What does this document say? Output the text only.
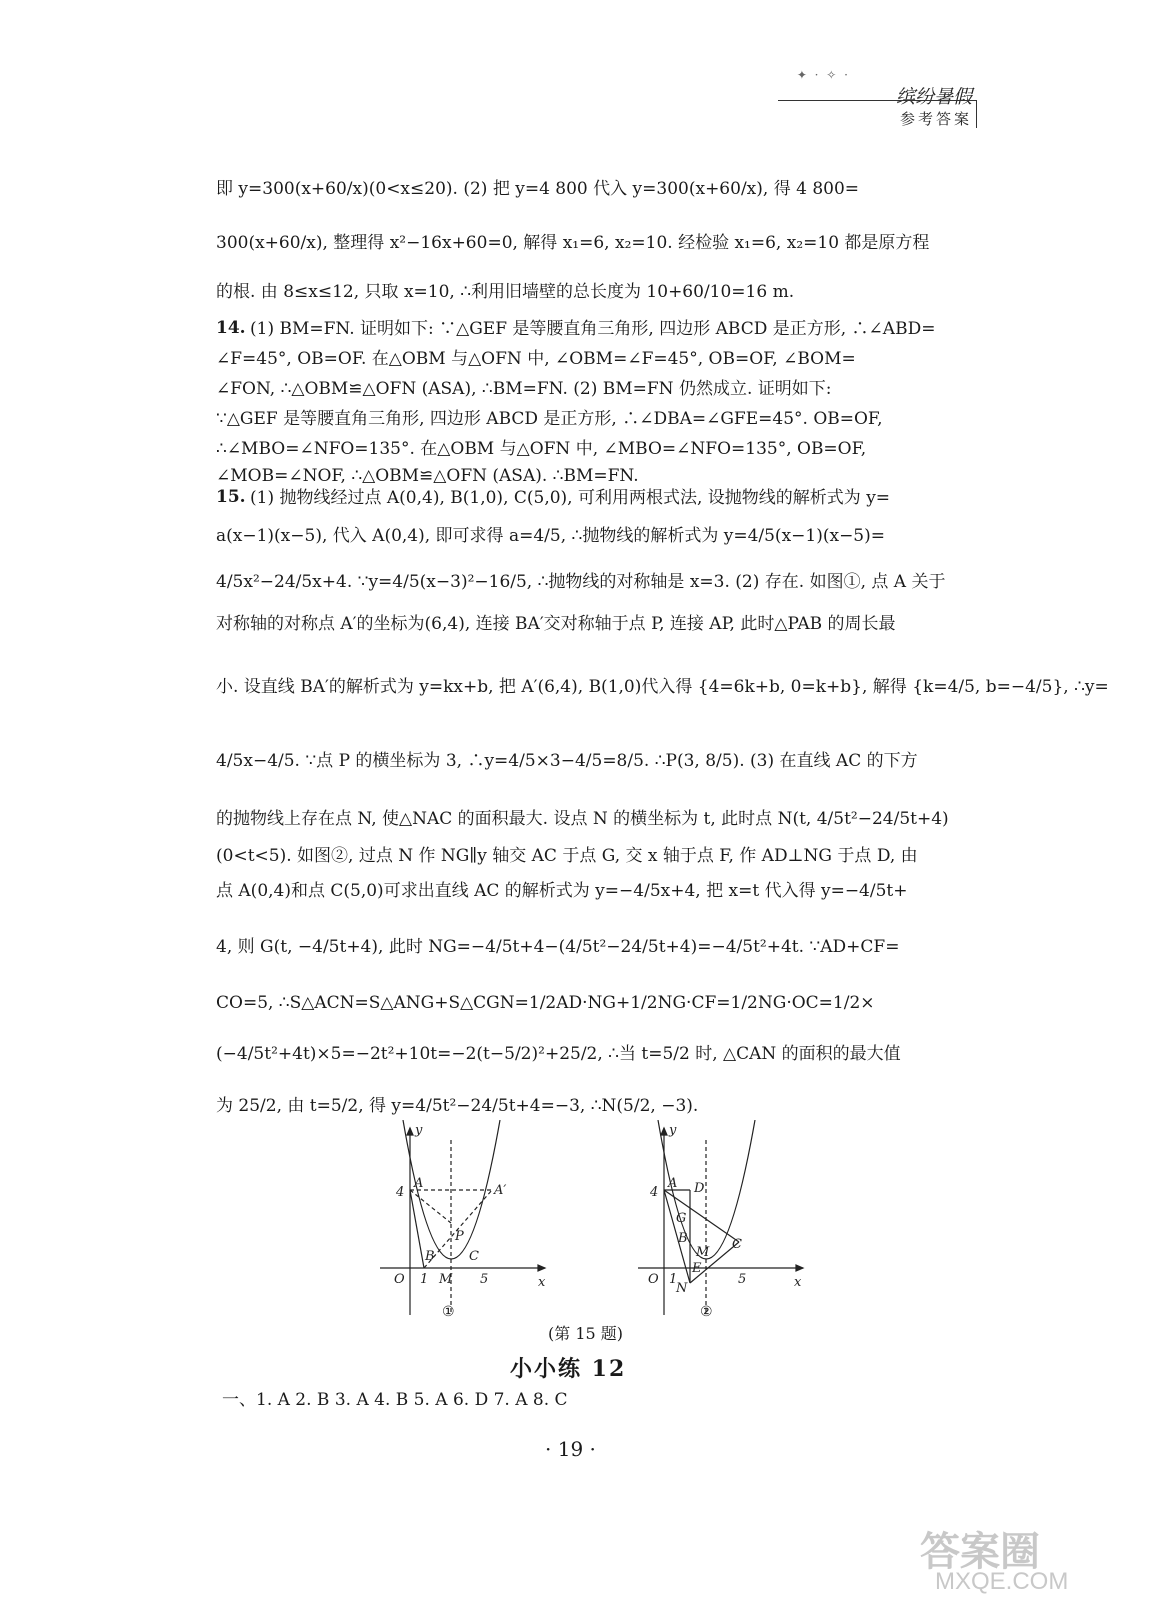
✦ · ✧ ·
缤纷暑假
参考答案
14.
15.
即 y=300(x+60/x)(0<x≤20). (2) 把 y=4 800 代入 y=300(x+60/x), 得 4 800=
300(x+60/x), 整理得 x²−16x+60=0, 解得 x₁=6, x₂=10. 经检验 x₁=6, x₂=10 都是原方程
的根. 由 8≤x≤12, 只取 x=10, ∴利用旧墙壁的总长度为 10+60/10=16 m.
(1) BM=FN. 证明如下: ∵△GEF 是等腰直角三角形, 四边形 ABCD 是正方形, ∴∠ABD=
∠F=45°, OB=OF. 在△OBM 与△OFN 中, ∠OBM=∠F=45°, OB=OF, ∠BOM=
∠FON, ∴△OBM≌△OFN (ASA), ∴BM=FN. (2) BM=FN 仍然成立. 证明如下:
∵△GEF 是等腰直角三角形, 四边形 ABCD 是正方形, ∴∠DBA=∠GFE=45°. OB=OF,
∴∠MBO=∠NFO=135°. 在△OBM 与△OFN 中, ∠MBO=∠NFO=135°, OB=OF,
∠MOB=∠NOF, ∴△OBM≌△OFN (ASA). ∴BM=FN.
(1) 抛物线经过点 A(0,4), B(1,0), C(5,0), 可利用两根式法, 设抛物线的解析式为 y=
a(x−1)(x−5), 代入 A(0,4), 即可求得 a=4/5, ∴抛物线的解析式为 y=4/5(x−1)(x−5)=
4/5x²−24/5x+4. ∵y=4/5(x−3)²−16/5, ∴抛物线的对称轴是 x=3. (2) 存在. 如图①, 点 A 关于
对称轴的对称点 A′的坐标为(6,4), 连接 BA′交对称轴于点 P, 连接 AP, 此时△PAB 的周长最
小. 设直线 BA′的解析式为 y=kx+b, 把 A′(6,4), B(1,0)代入得 {4=6k+b, 0=k+b}, 解得 {k=4/5, b=−4/5}, ∴y=
4/5x−4/5. ∵点 P 的横坐标为 3, ∴y=4/5×3−4/5=8/5. ∴P(3, 8/5). (3) 在直线 AC 的下方
的抛物线上存在点 N, 使△NAC 的面积最大. 设点 N 的横坐标为 t, 此时点 N(t, 4/5t²−24/5t+4)
(0<t<5). 如图②, 过点 N 作 NG∥y 轴交 AC 于点 G, 交 x 轴于点 F, 作 AD⊥NG 于点 D, 由
点 A(0,4)和点 C(5,0)可求出直线 AC 的解析式为 y=−4/5x+4, 把 x=t 代入得 y=−4/5t+
4, 则 G(t, −4/5t+4), 此时 NG=−4/5t+4−(4/5t²−24/5t+4)=−4/5t²+4t. ∵AD+CF=
CO=5, ∴S△ACN=S△ANG+S△CGN=1/2AD·NG+1/2NG·CF=1/2NG·OC=1/2×
(−4/5t²+4t)×5=−2t²+10t=−2(t−5/2)²+25/2, ∴当 t=5/2 时, △CAN 的面积的最大值
为 25/2, 由 t=5/2, 得 y=4/5t²−24/5t+4=−3, ∴N(5/2, −3).
y
x
O 1 M 5
4
A	A′
B
P
C
①
y
x
O 1	5
4
A D
G
B
M
E
N
C
②
(第 15 题)
小小练 12
一、1. A 2. B 3. A 4. B 5. A 6. D 7. A 8. C
· 19 ·
答案圈
MXQE.COM
